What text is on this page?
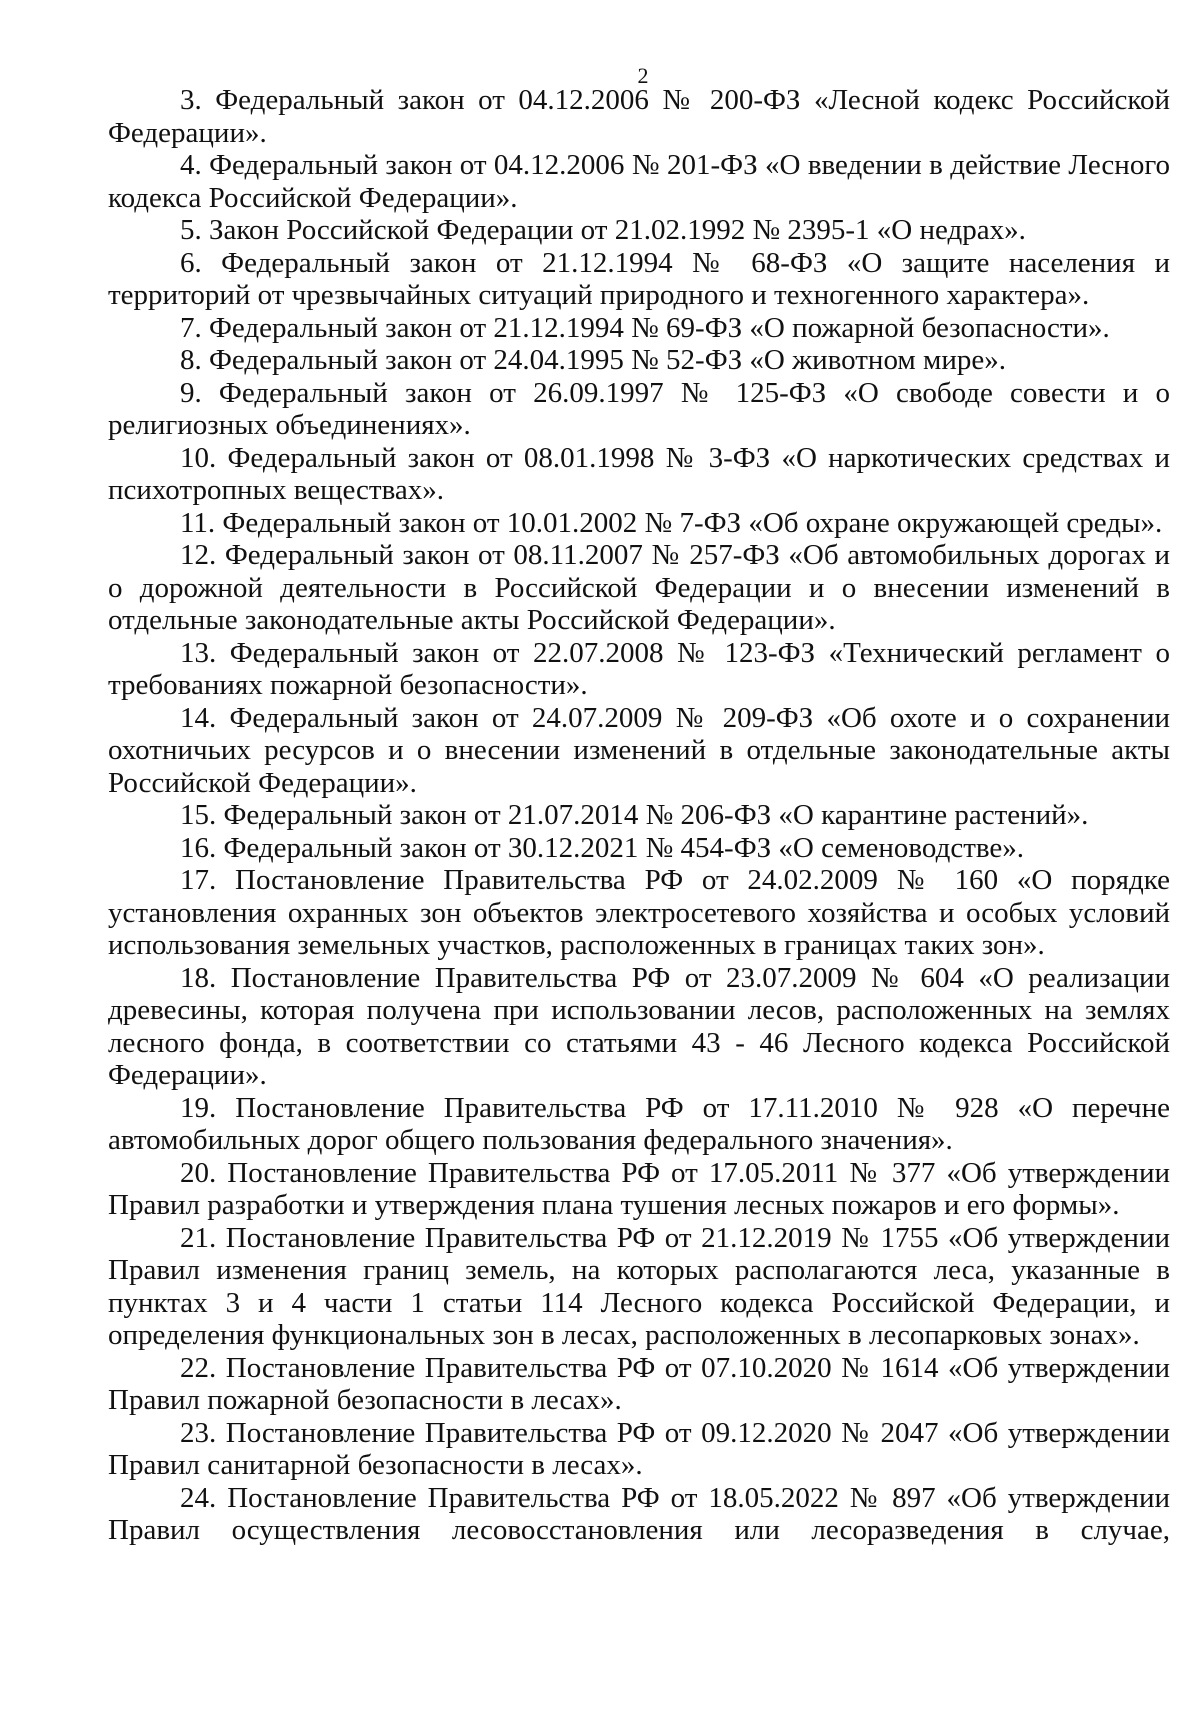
2

3. Федеральный закон от 04.12.2006 № 200-ФЗ «Лесной кодекс Российской Федерации».

4. Федеральный закон от 04.12.2006 № 201-ФЗ «О введении в действие Лесного кодекса Российской Федерации».

5. Закон Российской Федерации от 21.02.1992 № 2395-1 «О недрах».

6. Федеральный закон от 21.12.1994 № 68-ФЗ «О защите населения и территорий от чрезвычайных ситуаций природного и техногенного характера».

7. Федеральный закон от 21.12.1994 № 69-ФЗ «О пожарной безопасности».

8. Федеральный закон от 24.04.1995 № 52-ФЗ «О животном мире».

9. Федеральный закон от 26.09.1997 № 125-ФЗ «О свободе совести и о религиозных объединениях».

10. Федеральный закон от 08.01.1998 № 3-ФЗ «О наркотических средствах и психотропных веществах».

11. Федеральный закон от 10.01.2002 № 7-ФЗ «Об охране окружающей среды».

12. Федеральный закон от 08.11.2007 № 257-ФЗ «Об автомобильных дорогах и о дорожной деятельности в Российской Федерации и о внесении изменений в отдельные законодательные акты Российской Федерации».

13. Федеральный закон от 22.07.2008 № 123-ФЗ «Технический регламент о требованиях пожарной безопасности».

14. Федеральный закон от 24.07.2009 № 209-ФЗ «Об охоте и о сохранении охотничьих ресурсов и о внесении изменений в отдельные законодательные акты Российской Федерации».

15. Федеральный закон от 21.07.2014 № 206-ФЗ «О карантине растений».

16. Федеральный закон от 30.12.2021 № 454-ФЗ «О семеноводстве».

17. Постановление Правительства РФ от 24.02.2009 № 160 «О порядке установления охранных зон объектов электросетевого хозяйства и особых условий использования земельных участков, расположенных в границах таких зон».

18. Постановление Правительства РФ от 23.07.2009 № 604 «О реализации древесины, которая получена при использовании лесов, расположенных на землях лесного фонда, в соответствии со статьями 43 - 46 Лесного кодекса Российской Федерации».

19. Постановление Правительства РФ от 17.11.2010 № 928 «О перечне автомобильных дорог общего пользования федерального значения».

20. Постановление Правительства РФ от 17.05.2011 № 377 «Об утверждении Правил разработки и утверждения плана тушения лесных пожаров и его формы».

21. Постановление Правительства РФ от 21.12.2019 № 1755 «Об утверждении Правил изменения границ земель, на которых располагаются леса, указанные в пунктах 3 и 4 части 1 статьи 114 Лесного кодекса Российской Федерации, и определения функциональных зон в лесах, расположенных в лесопарковых зонах».

22. Постановление Правительства РФ от 07.10.2020 № 1614 «Об утверждении Правил пожарной безопасности в лесах».

23. Постановление Правительства РФ от 09.12.2020 № 2047 «Об утверждении Правил санитарной безопасности в лесах».

24. Постановление Правительства РФ от 18.05.2022 № 897 «Об утверждении Правил осуществления лесовосстановления или лесоразведения в случае,
